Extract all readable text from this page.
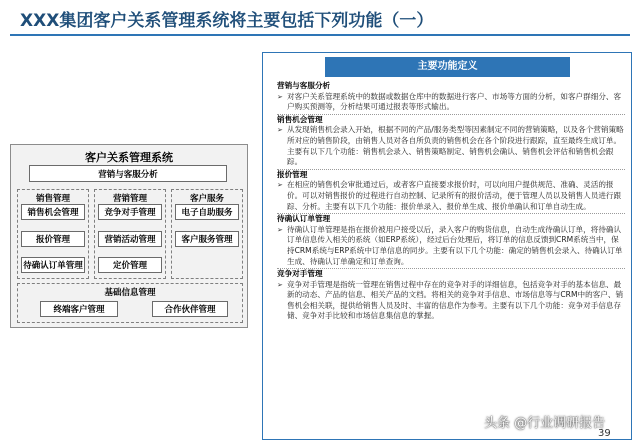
XXX集团客户关系管理系统将主要包括下列功能（一）
客户关系管理系统
营销与客服分析
销售管理
销售机会管理
报价管理
待确认订单管理
营销管理
竞争对手管理
营销活动管理
定价管理
客户服务
电子自助服务
客户服务管理
基础信息管理
终端客户管理	合作伙伴管理
主要功能定义
营销与客服分析
➢ 对客户关系管理系统中的数据或数据仓库中的数据进行客户、市场等方面的分析，如客户群细分、客户购买预测等，分析结果可通过报表等形式输出。
销售机会管理
➢ 从发现销售机会录入开始，根据不同的产品/服务类型等因素制定不同的营销策略，以及各个营销策略所对应的销售阶段，由销售人员对各自所负责的销售机会在各个阶段进行跟踪，直至最终生成订单。主要有以下几个功能：销售机会录入、销售策略制定、销售机会确认、销售机会评估和销售机会跟踪。
报价管理
➢ 在相应的销售机会审批通过后，或者客户直接要求报价时，可以向用户提供规范、准确、灵活的报价。可以对销售报价的过程进行自动控制、记录所有的报价活动，便于管理人员以及销售人员进行跟踪、分析。主要有以下几个功能：报价单录入、报价单生成、报价单确认和订单自动生成。
待确认订单管理
➢ 待确认订单管理是指在报价被用户接受以后，录入客户的购货信息，自动生成待确认订单，将待确认订单信息传入相关的系统（如ERP系统），经过后台处理后，将订单的信息反馈到CRM系统当中，保持CRM系统与ERP系统中订单信息的同步。主要有以下几个功能：确定的销售机会录入、待确认订单生成、待确认订单确定和订单查询。
竞争对手管理
➢ 竞争对手管理是指统一管理在销售过程中存在的竞争对手的详细信息，包括竞争对手的基本信息、最新的动态、产品的信息、相关产品的文档。将相关的竞争对手信息、市场信息等与CRM中的客户、销售机会相关联，提供给销售人员及时、丰富的信息作为参考。主要有以下几个功能：竞争对手信息存储、竞争对手比较和市场信息集信息的掌握。
头条 @行业调研报告
39
